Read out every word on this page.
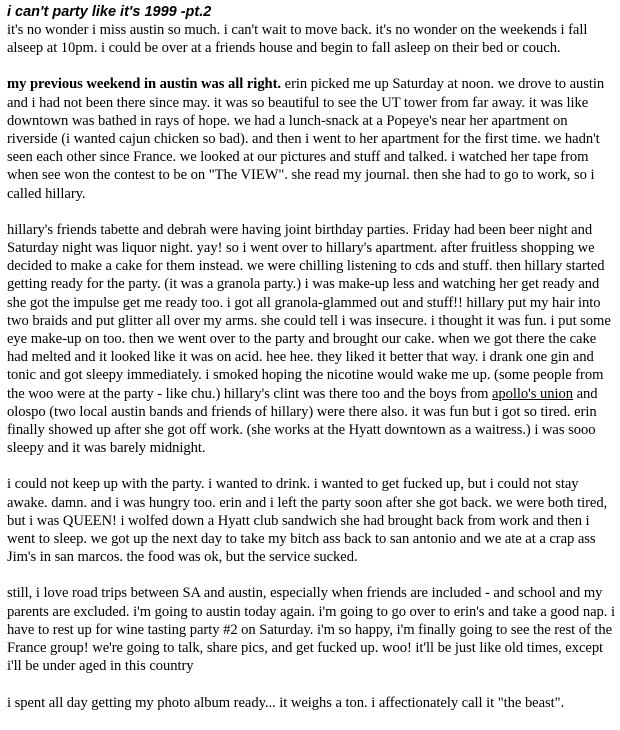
i can't party like it's 1999 -pt.2

it's no wonder i miss austin so much. i can't wait to move back. it's no wonder on the weekends i fall alseep at 10pm. i could be over at a friends house and begin to fall asleep on their bed or couch.

my previous weekend in austin was all right. erin picked me up Saturday at noon. we drove to austin and i had not been there since may. it was so beautiful to see the UT tower from far away. it was like downtown was bathed in rays of hope. we had a lunch-snack at a Popeye's near her apartment on riverside (i wanted cajun chicken so bad). and then i went to her apartment for the first time. we hadn't seen each other since France. we looked at our pictures and stuff and talked. i watched her tape from when see won the contest to be on "The VIEW". she read my journal. then she had to go to work, so i called hillary.

hillary's friends tabette and debrah were having joint birthday parties. Friday had been beer night and Saturday night was liquor night. yay! so i went over to hillary's apartment. after fruitless shopping we decided to make a cake for them instead. we were chilling listening to cds and stuff. then hillary started getting ready for the party. (it was a granola party.) i was make-up less and watching her get ready and she got the impulse get me ready too. i got all granola-glammed out and stuff!! hillary put my hair into two braids and put glitter all over my arms. she could tell i was insecure. i thought it was fun. i put some eye make-up on too. then we went over to the party and brought our cake. when we got there the cake had melted and it looked like it was on acid. hee hee. they liked it better that way. i drank one gin and tonic and got sleepy immediately. i smoked hoping the nicotine would wake me up. (some people from the woo were at the party - like chu.) hillary's clint was there too and the boys from apollo's union and olospo (two local austin bands and friends of hillary) were there also. it was fun but i got so tired. erin finally showed up after she got off work. (she works at the Hyatt downtown as a waitress.) i was sooo sleepy and it was barely midnight.

i could not keep up with the party. i wanted to drink. i wanted to get fucked up, but i could not stay awake. damn. and i was hungry too. erin and i left the party soon after she got back. we were both tired, but i was QUEEN! i wolfed down a Hyatt club sandwich she had brought back from work and then i went to sleep. we got up the next day to take my bitch ass back to san antonio and we ate at a crap ass Jim's in san marcos. the food was ok, but the service sucked.

still, i love road trips between SA and austin, especially when friends are included - and school and my parents are excluded. i'm going to austin today again. i'm going to go over to erin's and take a good nap. i have to rest up for wine tasting party #2 on Saturday. i'm so happy, i'm finally going to see the rest of the France group! we're going to talk, share pics, and get fucked up. woo! it'll be just like old times, except i'll be under aged in this country

i spent all day getting my photo album ready... it weighs a ton. i affectionately call it "the beast".
